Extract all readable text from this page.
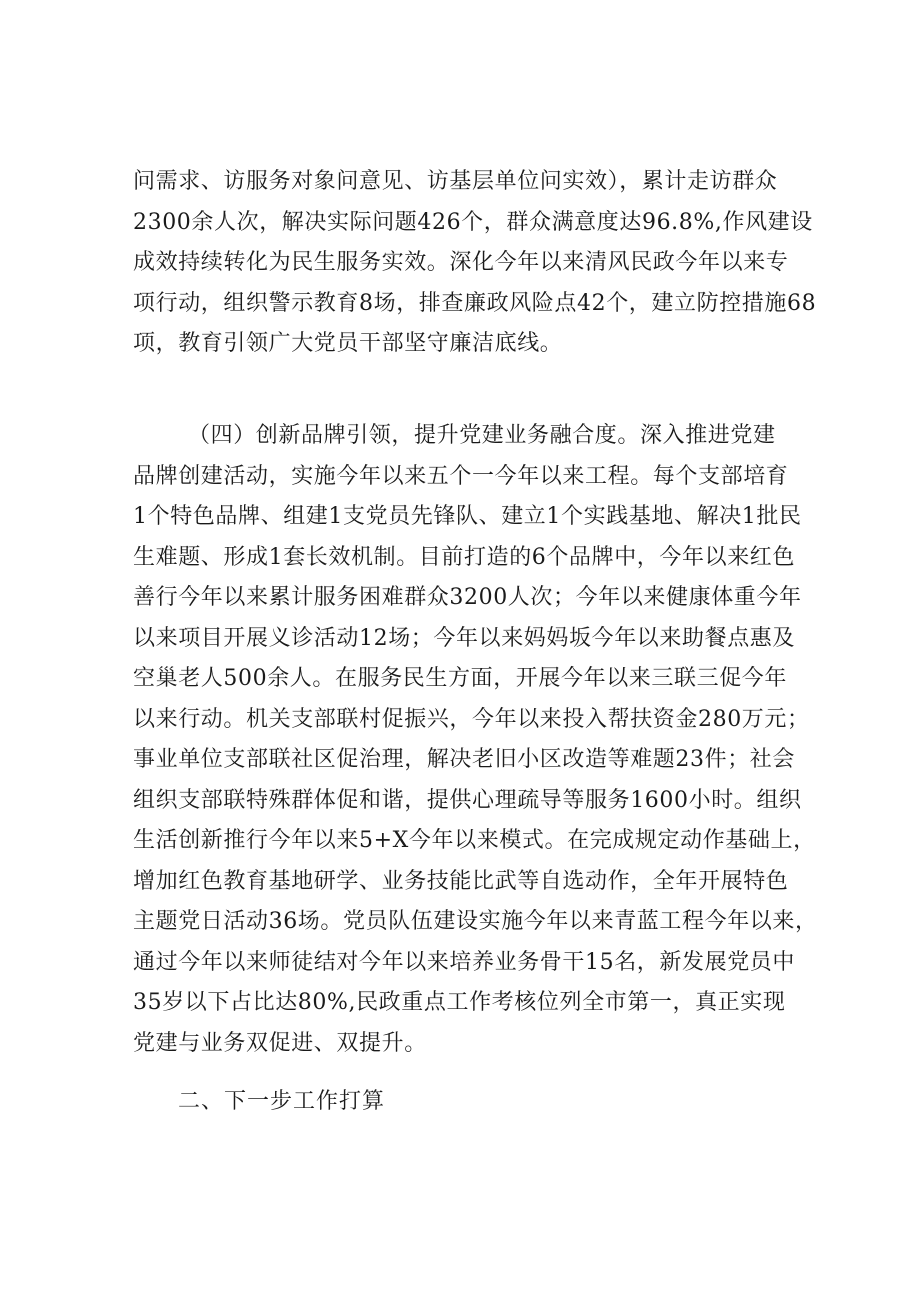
问需求、访服务对象问意见、访基层单位问实效），累计走访群众
2300余人次，解决实际问题426个，群众满意度达96.8%,作风建设
成效持续转化为民生服务实效。深化今年以来清风民政今年以来专
项行动，组织警示教育8场，排查廉政风险点42个，建立防控措施68
项，教育引领广大党员干部坚守廉洁底线。
（四）创新品牌引领，提升党建业务融合度。深入推进党建
品牌创建活动，实施今年以来五个一今年以来工程。每个支部培育
1个特色品牌、组建1支党员先锋队、建立1个实践基地、解决1批民
生难题、形成1套长效机制。目前打造的6个品牌中，今年以来红色
善行今年以来累计服务困难群众3200人次；今年以来健康体重今年
以来项目开展义诊活动12场；今年以来妈妈坂今年以来助餐点惠及
空巢老人500余人。在服务民生方面，开展今年以来三联三促今年
以来行动。机关支部联村促振兴，今年以来投入帮扶资金280万元；
事业单位支部联社区促治理，解决老旧小区改造等难题23件；社会
组织支部联特殊群体促和谐，提供心理疏导等服务1600小时。组织
生活创新推行今年以来5+X今年以来模式。在完成规定动作基础上，
增加红色教育基地研学、业务技能比武等自选动作，全年开展特色
主题党日活动36场。党员队伍建设实施今年以来青蓝工程今年以来，
通过今年以来师徒结对今年以来培养业务骨干15名，新发展党员中
35岁以下占比达80%,民政重点工作考核位列全市第一，真正实现
党建与业务双促进、双提升。
二、下一步工作打算
